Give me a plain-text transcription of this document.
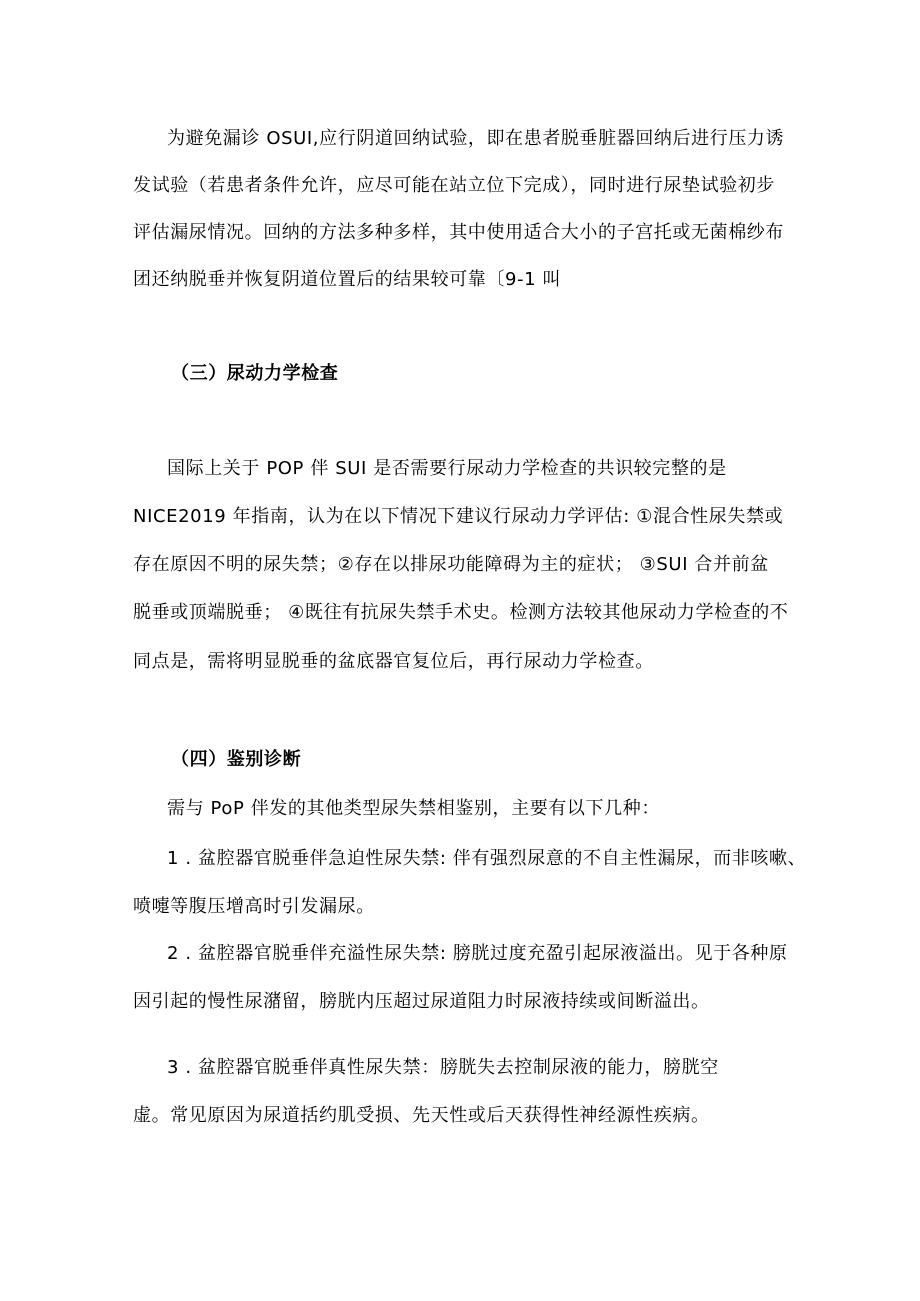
为避免漏诊 OSUI,应行阴道回纳试验，即在患者脱垂脏器回纳后进行压力诱
发试验（若患者条件允许，应尽可能在站立位下完成），同时进行尿垫试验初步
评估漏尿情况。回纳的方法多种多样，其中使用适合大小的子宫托或无菌棉纱布
团还纳脱垂并恢复阴道位置后的结果较可靠〔9-1 叫
（三）尿动力学检查
国际上关于 POP 伴 SUI 是否需要行尿动力学检查的共识较完整的是
NICE2019 年指南，认为在以下情况下建议行尿动力学评估: ①混合性尿失禁或
存在原因不明的尿失禁；②存在以排尿功能障碍为主的症状； ③SUI 合并前盆
脱垂或顶端脱垂； ④既往有抗尿失禁手术史。检测方法较其他尿动力学检查的不
同点是，需将明显脱垂的盆底器官复位后，再行尿动力学检查。
（四）鉴别诊断
需与 PoP 伴发的其他类型尿失禁相鉴别，主要有以下几种：
1 . 盆腔器官脱垂伴急迫性尿失禁: 伴有强烈尿意的不自主性漏尿，而非咳嗽、
喷嚏等腹压增高时引发漏尿。
2 . 盆腔器官脱垂伴充溢性尿失禁: 膀胱过度充盈引起尿液溢出。见于各种原
因引起的慢性尿潴留，膀胱内压超过尿道阻力时尿液持续或间断溢出。
3 . 盆腔器官脱垂伴真性尿失禁：膀胱失去控制尿液的能力，膀胱空
虚。常见原因为尿道括约肌受损、先天性或后天获得性神经源性疾病。
